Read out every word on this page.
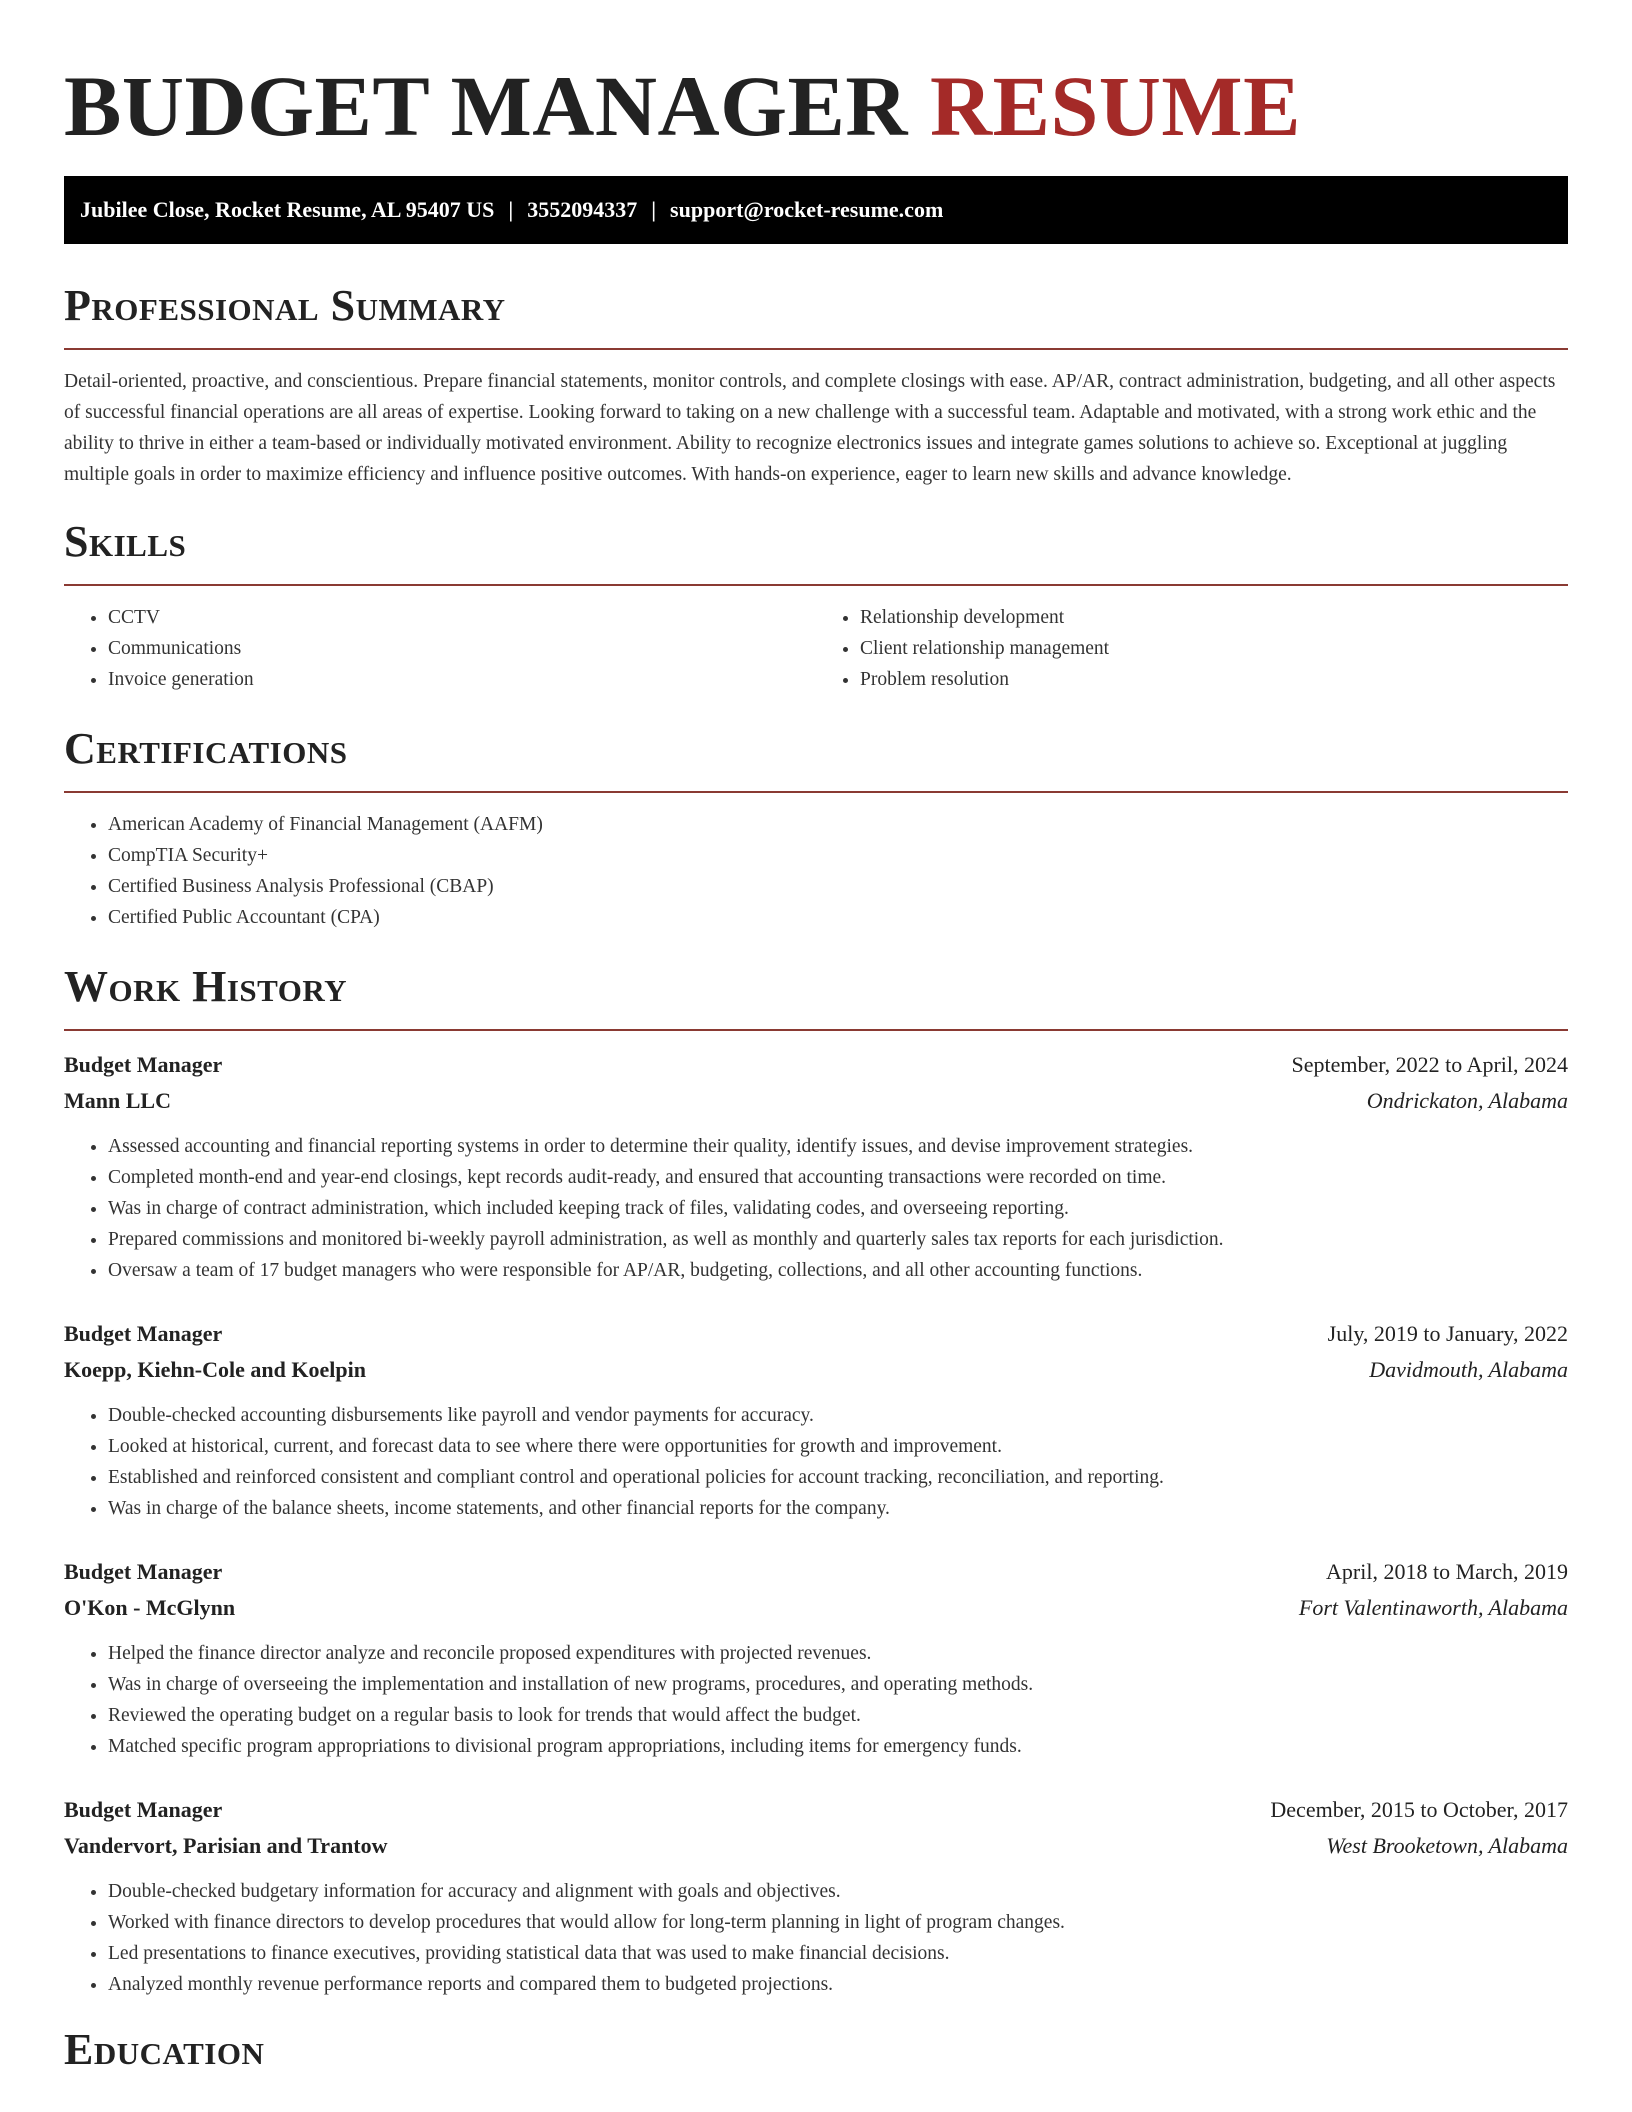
BUDGET MANAGER RESUME
Jubilee Close, Rocket Resume, AL 95407 US | 3552094337 | support@rocket-resume.com
Professional Summary

Detail-oriented, proactive, and conscientious. Prepare financial statements, monitor controls, and complete closings with ease. AP/AR, contract administration, budgeting, and all other aspects of successful financial operations are all areas of expertise. Looking forward to taking on a new challenge with a successful team. Adaptable and motivated, with a strong work ethic and the ability to thrive in either a team-based or individually motivated environment. Ability to recognize electronics issues and integrate games solutions to achieve so. Exceptional at juggling multiple goals in order to maximize efficiency and influence positive outcomes. With hands-on experience, eager to learn new skills and advance knowledge.

Skills
• CCTV
• Communications
• Invoice generation
• Relationship development
• Client relationship management
• Problem resolution
Certifications
• American Academy of Financial Management (AAFM)
• CompTIA Security+
• Certified Business Analysis Professional (CBAP)
• Certified Public Accountant (CPA)
Work History
Budget Manager	September, 2022 to April, 2024
Mann LLC	Ondrickaton, Alabama
• Assessed accounting and financial reporting systems in order to determine their quality, identify issues, and devise improvement strategies.
• Completed month-end and year-end closings, kept records audit-ready, and ensured that accounting transactions were recorded on time.
• Was in charge of contract administration, which included keeping track of files, validating codes, and overseeing reporting.
• Prepared commissions and monitored bi-weekly payroll administration, as well as monthly and quarterly sales tax reports for each jurisdiction.
• Oversaw a team of 17 budget managers who were responsible for AP/AR, budgeting, collections, and all other accounting functions.
Budget Manager	July, 2019 to January, 2022
Koepp, Kiehn-Cole and Koelpin	Davidmouth, Alabama
• Double-checked accounting disbursements like payroll and vendor payments for accuracy.
• Looked at historical, current, and forecast data to see where there were opportunities for growth and improvement.
• Established and reinforced consistent and compliant control and operational policies for account tracking, reconciliation, and reporting.
• Was in charge of the balance sheets, income statements, and other financial reports for the company.
Budget Manager	April, 2018 to March, 2019
O'Kon - McGlynn	Fort Valentinaworth, Alabama
• Helped the finance director analyze and reconcile proposed expenditures with projected revenues.
• Was in charge of overseeing the implementation and installation of new programs, procedures, and operating methods.
• Reviewed the operating budget on a regular basis to look for trends that would affect the budget.
• Matched specific program appropriations to divisional program appropriations, including items for emergency funds.
Budget Manager	December, 2015 to October, 2017
Vandervort, Parisian and Trantow	West Brooketown, Alabama
• Double-checked budgetary information for accuracy and alignment with goals and objectives.
• Worked with finance directors to develop procedures that would allow for long-term planning in light of program changes.
• Led presentations to finance executives, providing statistical data that was used to make financial decisions.
• Analyzed monthly revenue performance reports and compared them to budgeted projections.
Education
